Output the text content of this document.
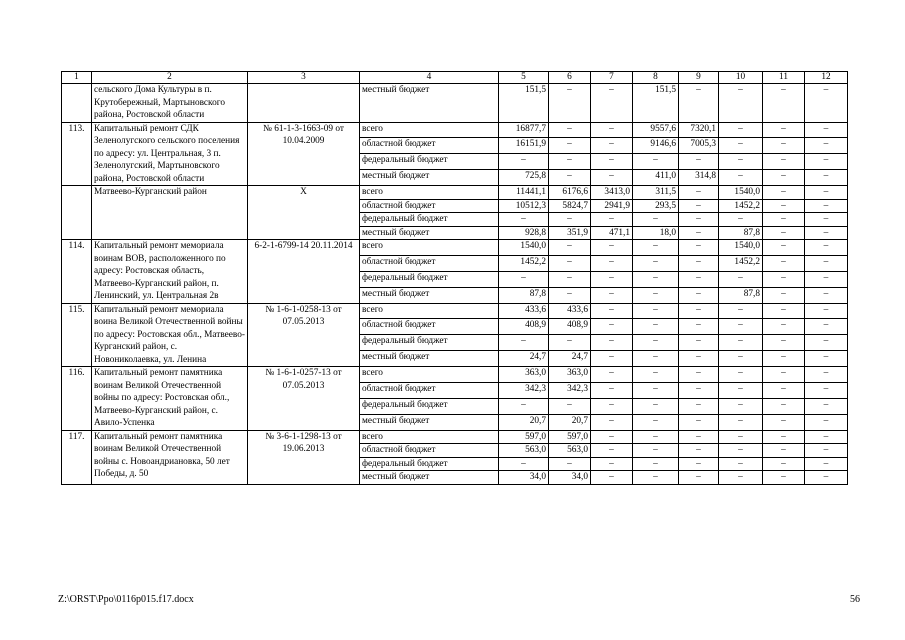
1	2	3	4	5	6	7	8	9	10	11	12
	сельского Дома Культуры в п. Крутобережный, Мартыновского района, Ростовской области		местный бюджет	151,5	–	–	151,5	–	–	–	–
113.	Капитальный ремонт СДК Зеленолугского сельского поселения по адресу: ул. Центральная, 3 п. Зеленолугский, Мартыновского района, Ростовской области	№ 61-1-3-1663-09 от 10.04.2009	всего	16877,7	–	–	9557,6	7320,1	–	–	–
			областной бюджет	16151,9	–	–	9146,6	7005,3	–	–	–
			федеральный бюджет	–	–	–	–	–	–	–	–
			местный бюджет	725,8	–	–	411,0	314,8	–	–	–
	Матвеево-Курганский район	Х	всего	11441,1	6176,6	3413,0	311,5	–	1540,0	–	–
			областной бюджет	10512,3	5824,7	2941,9	293,5	–	1452,2	–	–
			федеральный бюджет	–	–	–	–	–	–	–	–
			местный бюджет	928,8	351,9	471,1	18,0	–	87,8	–	–
114.	Капитальный ремонт мемориала воинам ВОВ, расположенного по адресу: Ростовская область, Матвеево-Курганский район, п. Ленинский, ул. Центральная 2в	6-2-1-6799-14 20.11.2014	всего	1540,0	–	–	–	–	1540,0	–	–
			областной бюджет	1452,2	–	–	–	–	1452,2	–	–
			федеральный бюджет	–	–	–	–	–	–	–	–
			местный бюджет	87,8	–	–	–	–	87,8	–	–
115.	Капитальный ремонт мемориала воина Великой Отечественной войны по адресу: Ростовская обл., Матвеево-Курганский район, с. Новониколаевка, ул. Ленина	№ 1-6-1-0258-13 от 07.05.2013	всего	433,6	433,6	–	–	–	–	–	–
			областной бюджет	408,9	408,9	–	–	–	–	–	–
			федеральный бюджет	–	–	–	–	–	–	–	–
			местный бюджет	24,7	24,7	–	–	–	–	–	–
116.	Капитальный ремонт памятника воинам Великой Отечественной войны по адресу: Ростовская обл., Матвеево-Курганский район, с. Авило-Успенка	№ 1-6-1-0257-13 от 07.05.2013	всего	363,0	363,0	–	–	–	–	–	–
			областной бюджет	342,3	342,3	–	–	–	–	–	–
			федеральный бюджет	–	–	–	–	–	–	–	–
			местный бюджет	20,7	20,7	–	–	–	–	–	–
117.	Капитальный ремонт памятника воинам Великой Отечественной войны с. Новоандриановка, 50 лет Победы, д. 50	№ 3-6-1-1298-13 от 19.06.2013	всего	597,0	597,0	–	–	–	–	–	–
			областной бюджет	563,0	563,0	–	–	–	–	–	–
			федеральный бюджет	–	–	–	–	–	–	–	–
			местный бюджет	34,0	34,0	–	–	–	–	–	–
Z:\ORST\Ppo\0116p015.f17.docx	56
